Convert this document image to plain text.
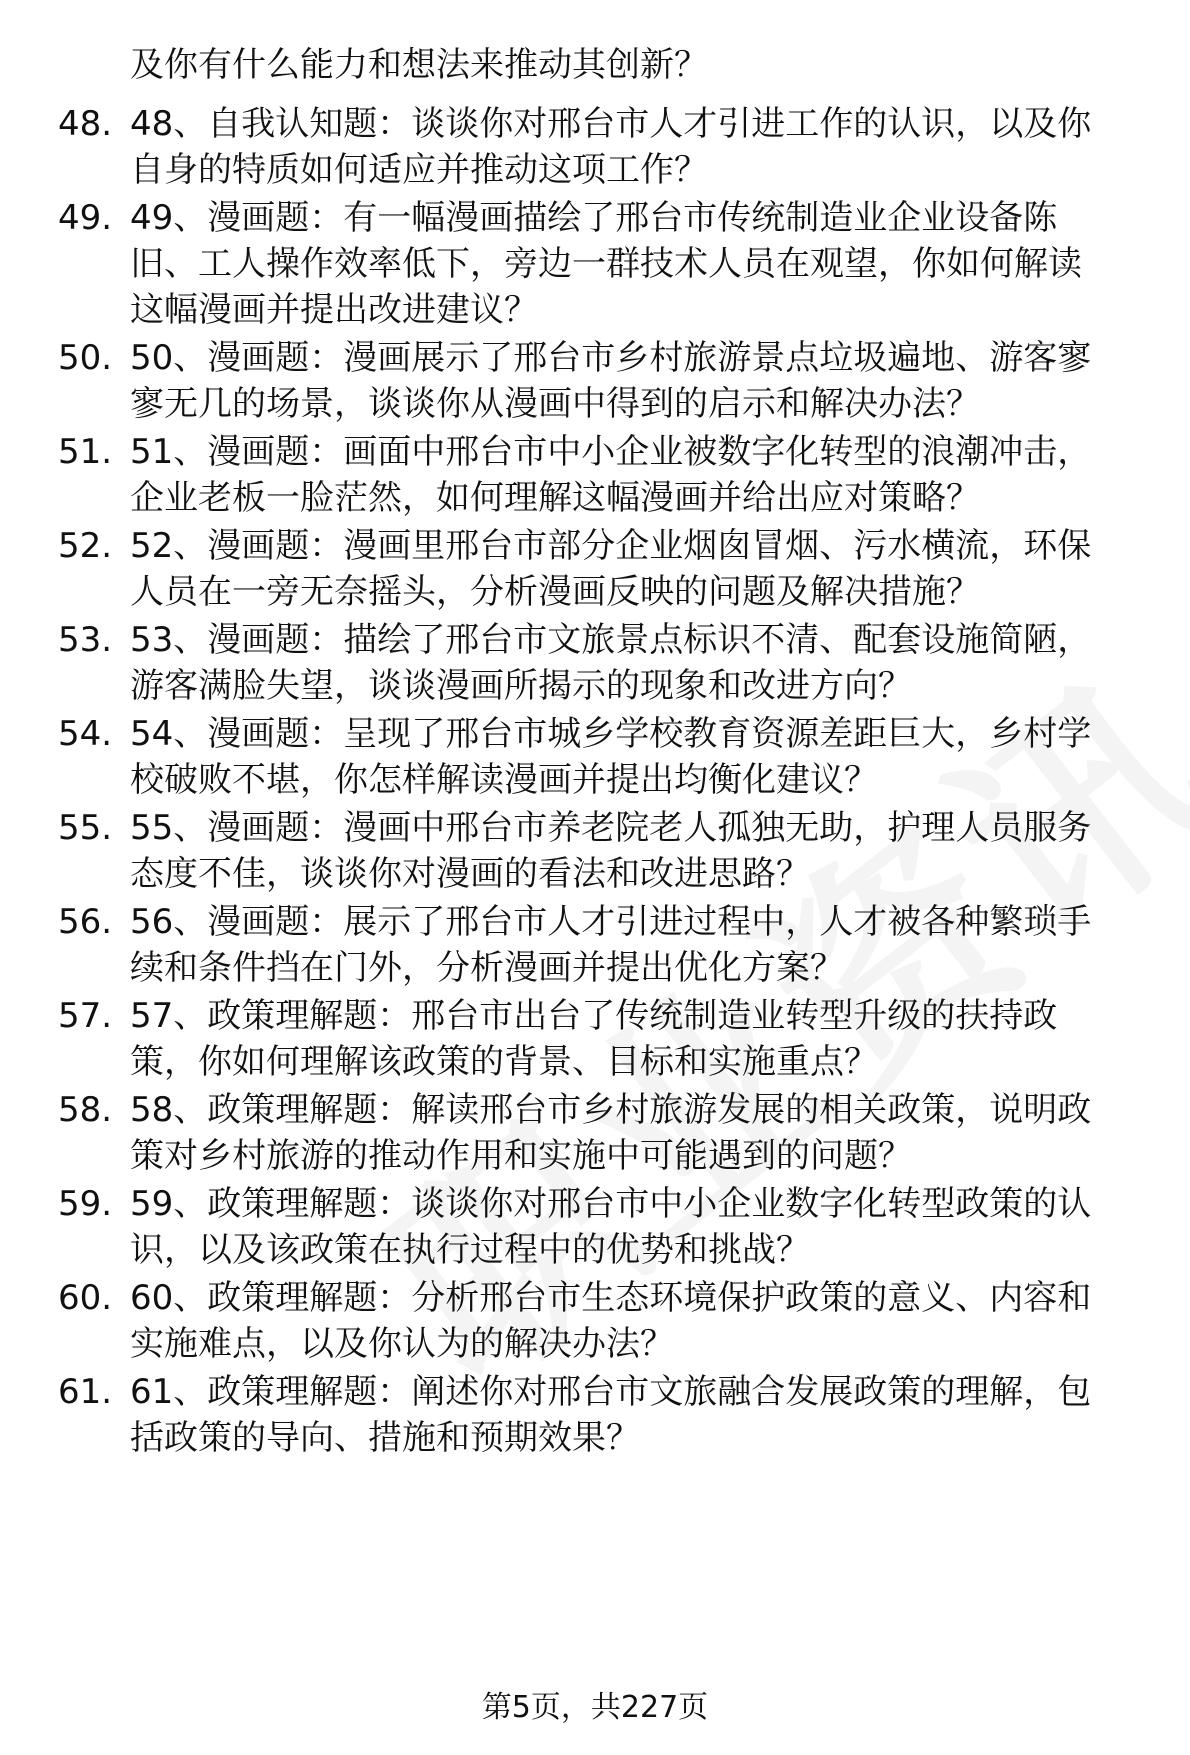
及你有什么能力和想法来推动其创新？
48. 48、自我认知题：谈谈你对邢台市人才引进工作的认识，以及你
自身的特质如何适应并推动这项工作？
49. 49、漫画题：有一幅漫画描绘了邢台市传统制造业企业设备陈
旧、工人操作效率低下，旁边一群技术人员在观望，你如何解读
这幅漫画并提出改进建议？
50. 50、漫画题：漫画展示了邢台市乡村旅游景点垃圾遍地、游客寥
寥无几的场景，谈谈你从漫画中得到的启示和解决办法？
51. 51、漫画题：画面中邢台市中小企业被数字化转型的浪潮冲击，
企业老板一脸茫然，如何理解这幅漫画并给出应对策略？
52. 52、漫画题：漫画里邢台市部分企业烟囱冒烟、污水横流，环保
人员在一旁无奈摇头，分析漫画反映的问题及解决措施？
53. 53、漫画题：描绘了邢台市文旅景点标识不清、配套设施简陋，
游客满脸失望，谈谈漫画所揭示的现象和改进方向？
54. 54、漫画题：呈现了邢台市城乡学校教育资源差距巨大，乡村学
校破败不堪，你怎样解读漫画并提出均衡化建议？
55. 55、漫画题：漫画中邢台市养老院老人孤独无助，护理人员服务
态度不佳，谈谈你对漫画的看法和改进思路？
56. 56、漫画题：展示了邢台市人才引进过程中，人才被各种繁琐手
续和条件挡在门外，分析漫画并提出优化方案？
57. 57、政策理解题：邢台市出台了传统制造业转型升级的扶持政
策，你如何理解该政策的背景、目标和实施重点？
58. 58、政策理解题：解读邢台市乡村旅游发展的相关政策，说明政
策对乡村旅游的推动作用和实施中可能遇到的问题？
59. 59、政策理解题：谈谈你对邢台市中小企业数字化转型政策的认
识，以及该政策在执行过程中的优势和挑战？
60. 60、政策理解题：分析邢台市生态环境保护政策的意义、内容和
实施难点，以及你认为的解决办法？
61. 61、政策理解题：阐述你对邢台市文旅融合发展政策的理解，包
括政策的导向、措施和预期效果？
第5页，共227页
